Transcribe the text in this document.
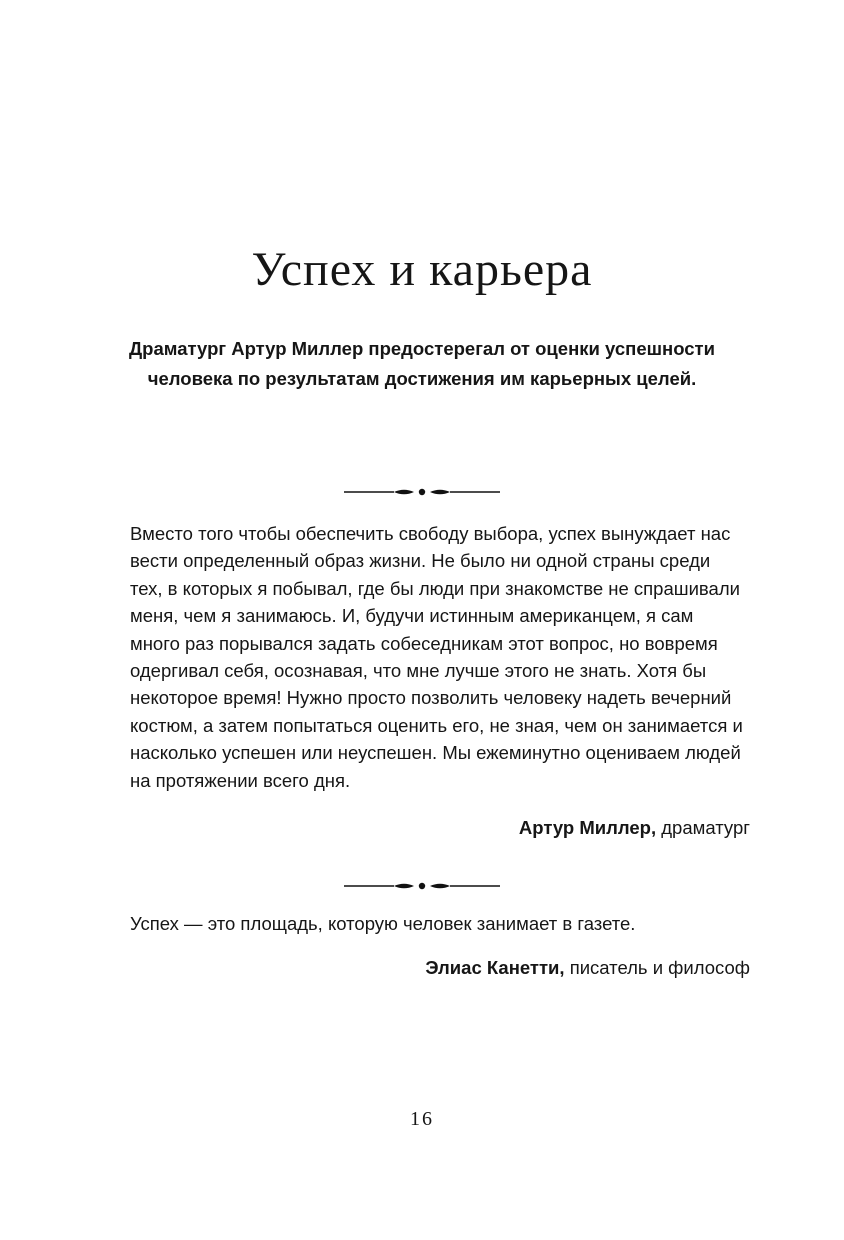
Успех и карьера

Драматург Артур Миллер предостерегал от оценки успешности
человека по результатам достижения им карьерных целей.

Вместо того чтобы обеспечить свободу выбора, успех вынуждает нас
вести определенный образ жизни. Не было ни одной страны среди
тех, в которых я побывал, где бы люди при знакомстве не спрашивали
меня, чем я занимаюсь. И, будучи истинным американцем, я сам
много раз порывался задать собеседникам этот вопрос, но вовремя
одергивал себя, осознавая, что мне лучше этого не знать. Хотя бы
некоторое время! Нужно просто позволить человеку надеть вечерний
костюм, а затем попытаться оценить его, не зная, чем он занимается и
насколько успешен или неуспешен. Мы ежеминутно оцениваем людей
на протяжении всего дня.

Артур Миллер, драматург

Успех — это площадь, которую человек занимает в газете.

Элиас Канетти, писатель и философ
16
